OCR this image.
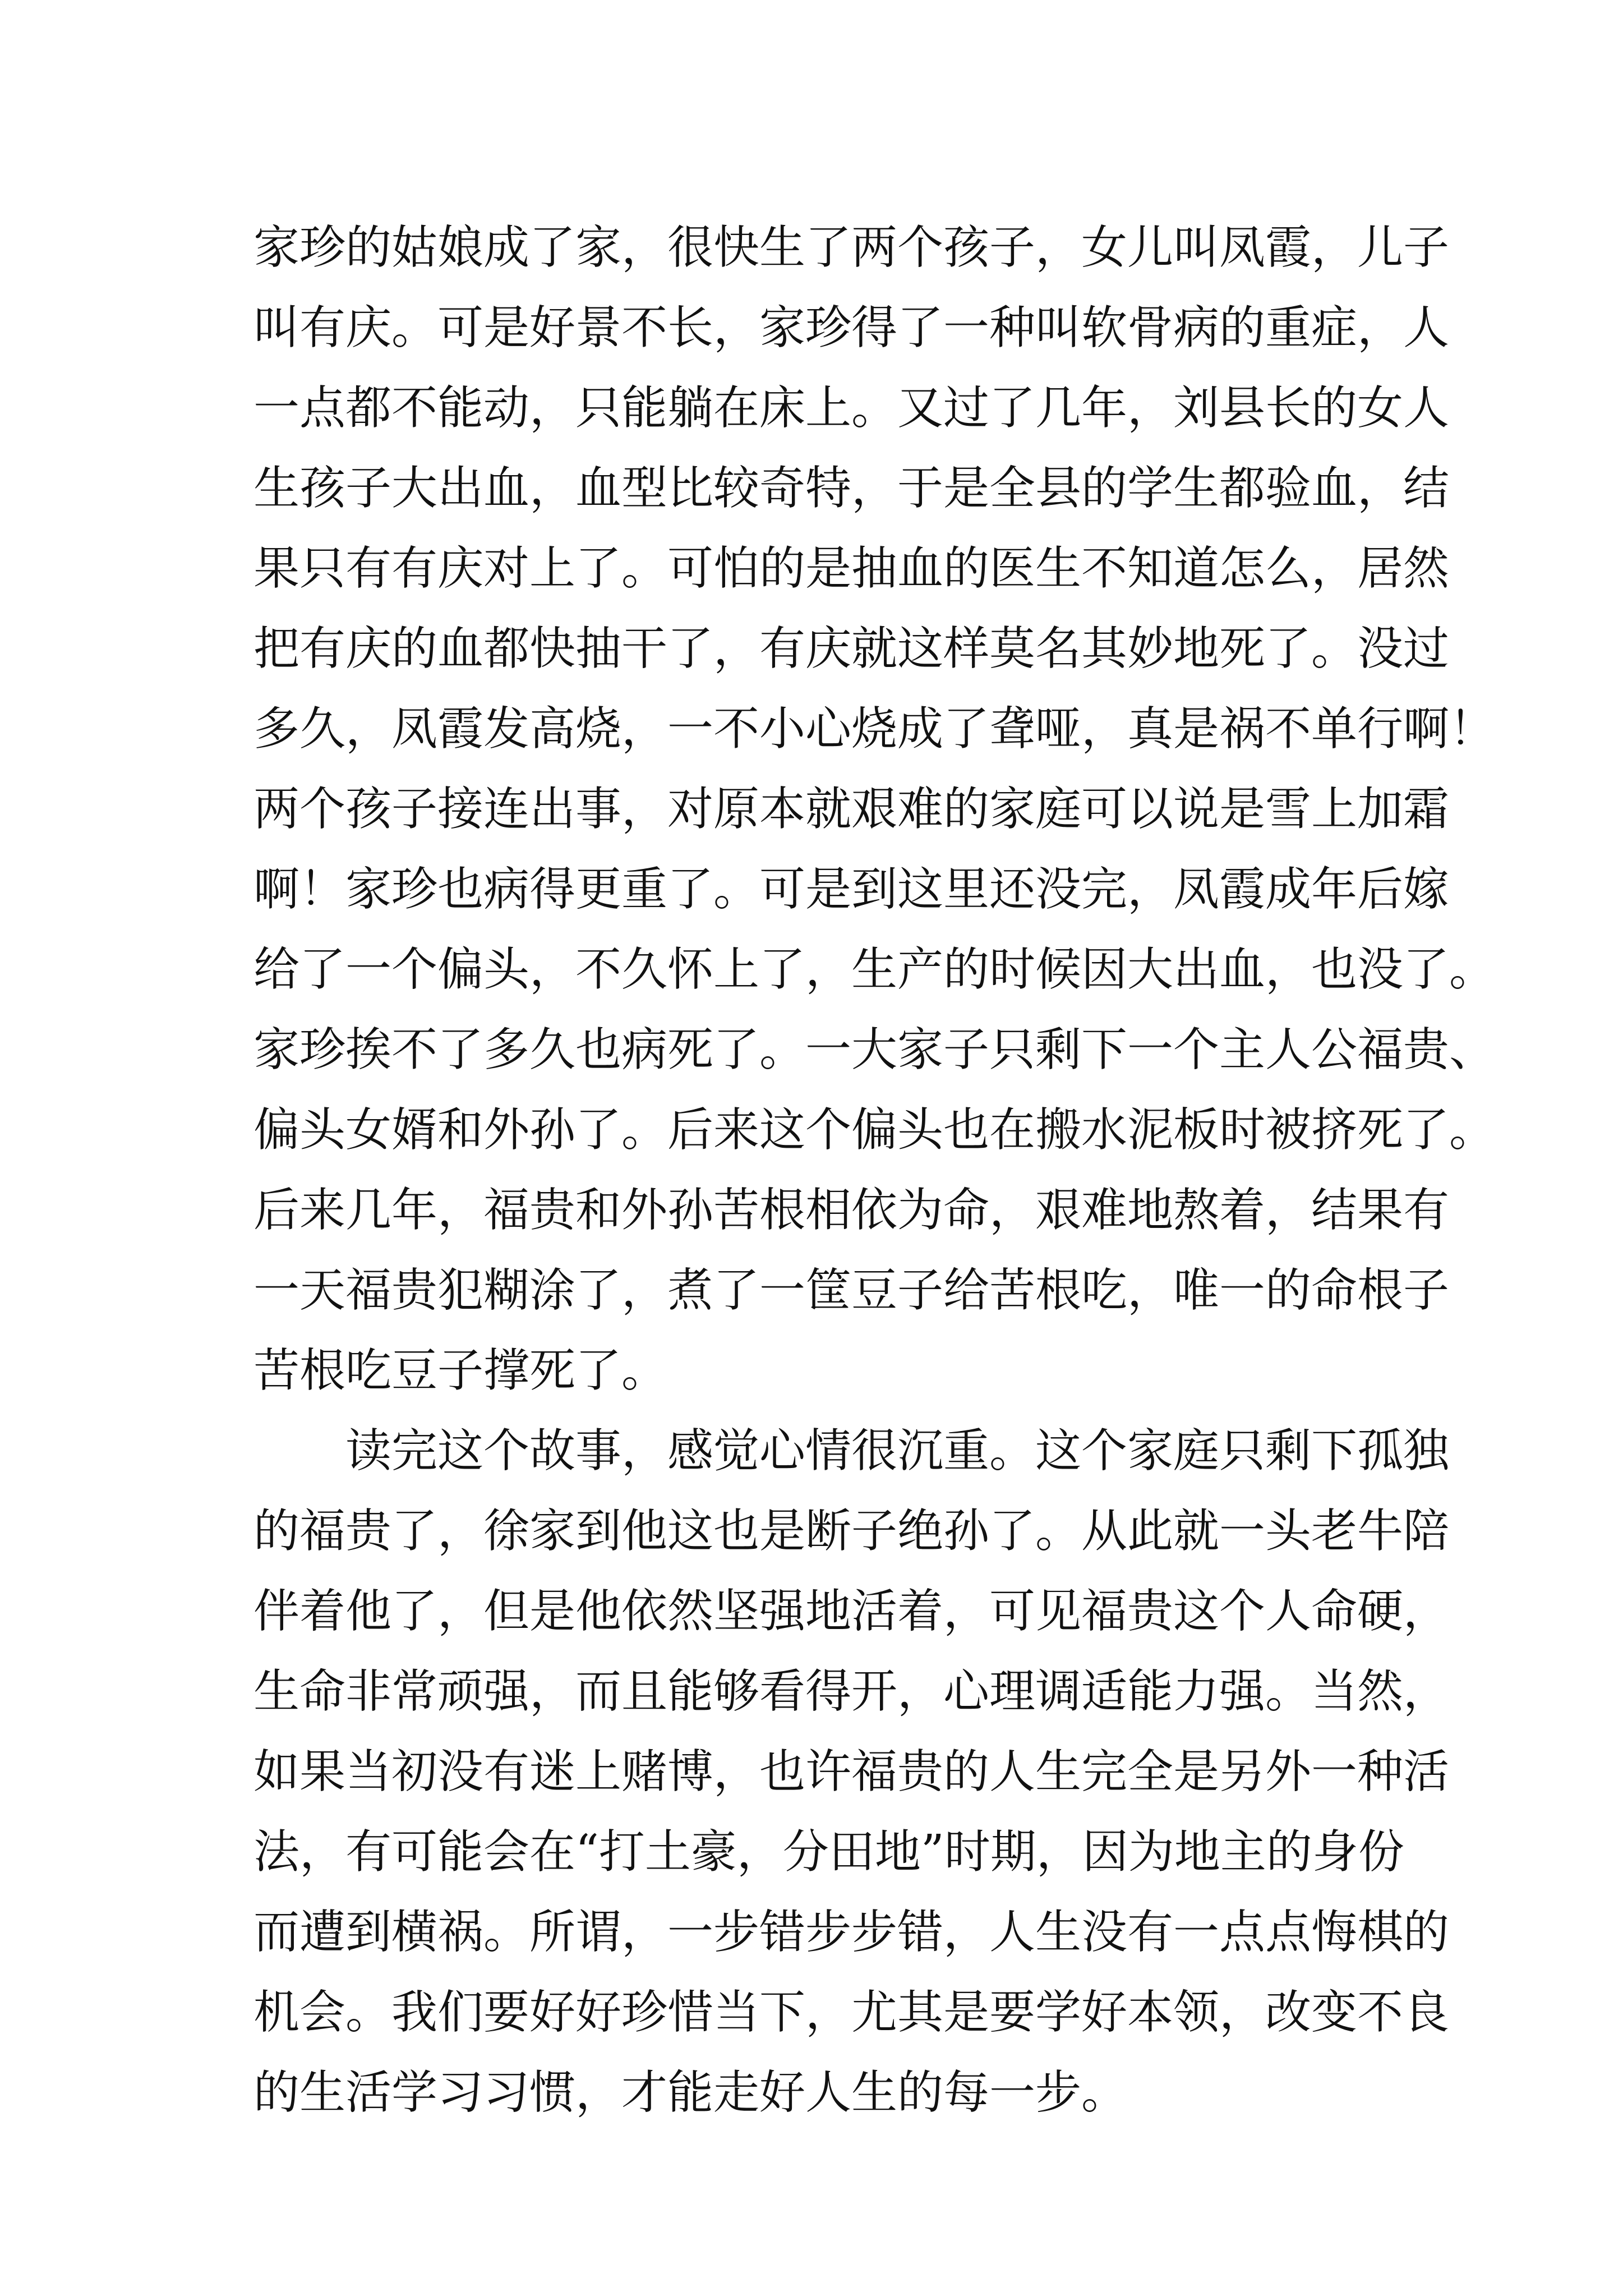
家珍的姑娘成了家，很快生了两个孩子，女儿叫凤霞，儿子
叫有庆。可是好景不长，家珍得了一种叫软骨病的重症，人
一点都不能动，只能躺在床上。又过了几年，刘县长的女人
生孩子大出血，血型比较奇特，于是全县的学生都验血，结
果只有有庆对上了。可怕的是抽血的医生不知道怎么，居然
把有庆的血都快抽干了，有庆就这样莫名其妙地死了。没过
多久，凤霞发高烧，一不小心烧成了聋哑，真是祸不单行啊！
两个孩子接连出事，对原本就艰难的家庭可以说是雪上加霜
啊！家珍也病得更重了。可是到这里还没完，凤霞成年后嫁
给了一个偏头，不久怀上了，生产的时候因大出血，也没了。
家珍挨不了多久也病死了。一大家子只剩下一个主人公福贵、
偏头女婿和外孙了。后来这个偏头也在搬水泥板时被挤死了。
后来几年，福贵和外孙苦根相依为命，艰难地熬着，结果有
一天福贵犯糊涂了，煮了一筐豆子给苦根吃，唯一的命根子
苦根吃豆子撑死了。
读完这个故事，感觉心情很沉重。这个家庭只剩下孤独
的福贵了，徐家到他这也是断子绝孙了。从此就一头老牛陪
伴着他了，但是他依然坚强地活着，可见福贵这个人命硬，
生命非常顽强，而且能够看得开，心理调适能力强。当然，
如果当初没有迷上赌博，也许福贵的人生完全是另外一种活
法，有可能会在“打土豪，分田地”时期，因为地主的身份
而遭到横祸。所谓，一步错步步错，人生没有一点点悔棋的
机会。我们要好好珍惜当下，尤其是要学好本领，改变不良
的生活学习习惯，才能走好人生的每一步。
